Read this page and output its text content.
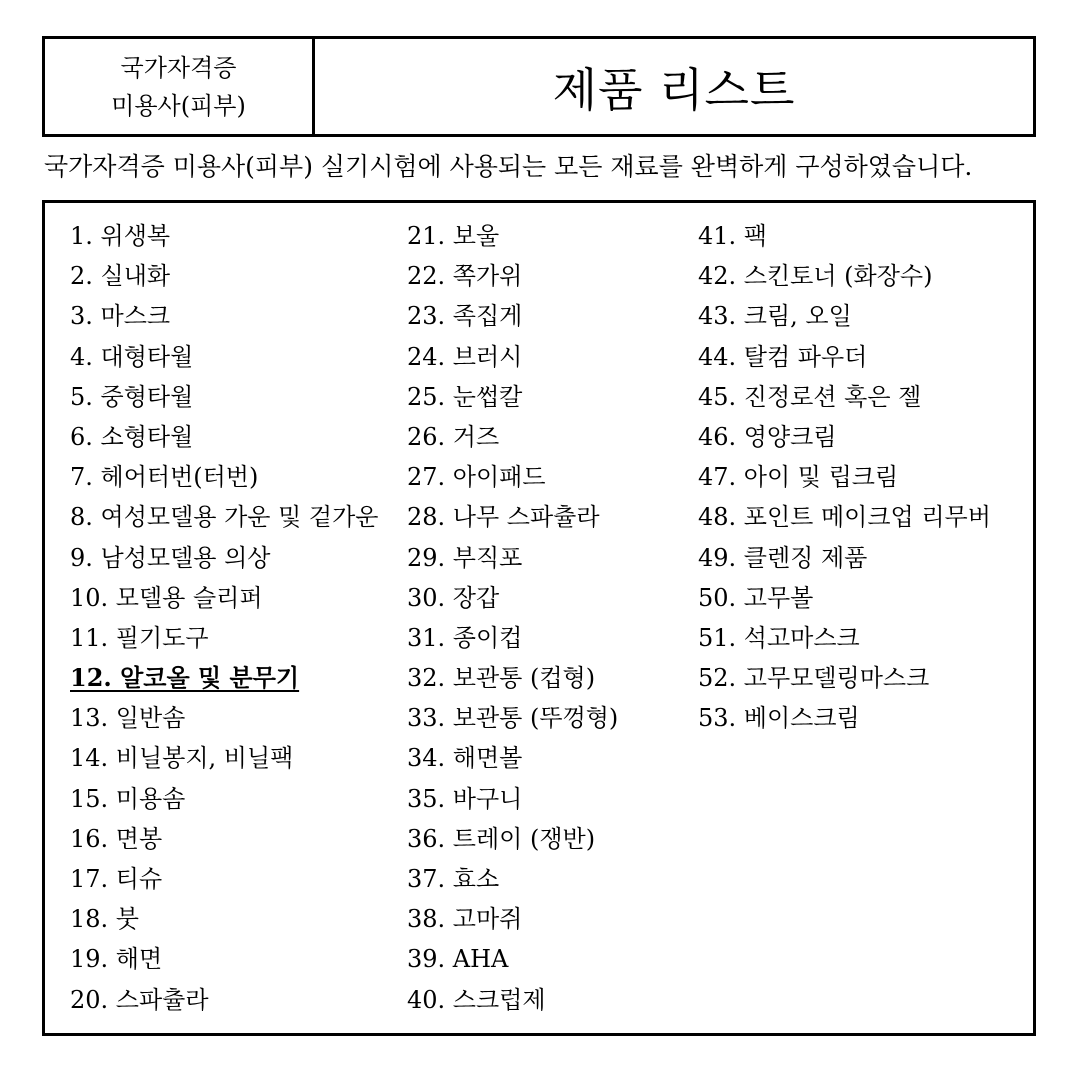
국가자격증
미용사(피부)	제품 리스트
국가자격증 미용사(피부) 실기시험에 사용되는 모든 재료를 완벽하게 구성하였습니다.
1. 위생복
2. 실내화
3. 마스크
4. 대형타월
5. 중형타월
6. 소형타월
7. 헤어터번(터번)
8. 여성모델용 가운 및 겉가운
9. 남성모델용 의상
10. 모델용 슬리퍼
11. 필기도구
12. 알코올 및 분무기
13. 일반솜
14. 비닐봉지, 비닐팩
15. 미용솜
16. 면봉
17. 티슈
18. 붓
19. 해면
20. 스파츌라
21. 보울
22. 쪽가위
23. 족집게
24. 브러시
25. 눈썹칼
26. 거즈
27. 아이패드
28. 나무 스파츌라
29. 부직포
30. 장갑
31. 종이컵
32. 보관통 (컵형)
33. 보관통 (뚜껑형)
34. 해면볼
35. 바구니
36. 트레이 (쟁반)
37. 효소
38. 고마쥐
39. AHA
40. 스크럽제
41. 팩
42. 스킨토너 (화장수)
43. 크림, 오일
44. 탈컴 파우더
45. 진정로션 혹은 젤
46. 영양크림
47. 아이 및 립크림
48. 포인트 메이크업 리무버
49. 클렌징 제품
50. 고무볼
51. 석고마스크
52. 고무모델링마스크
53. 베이스크림
